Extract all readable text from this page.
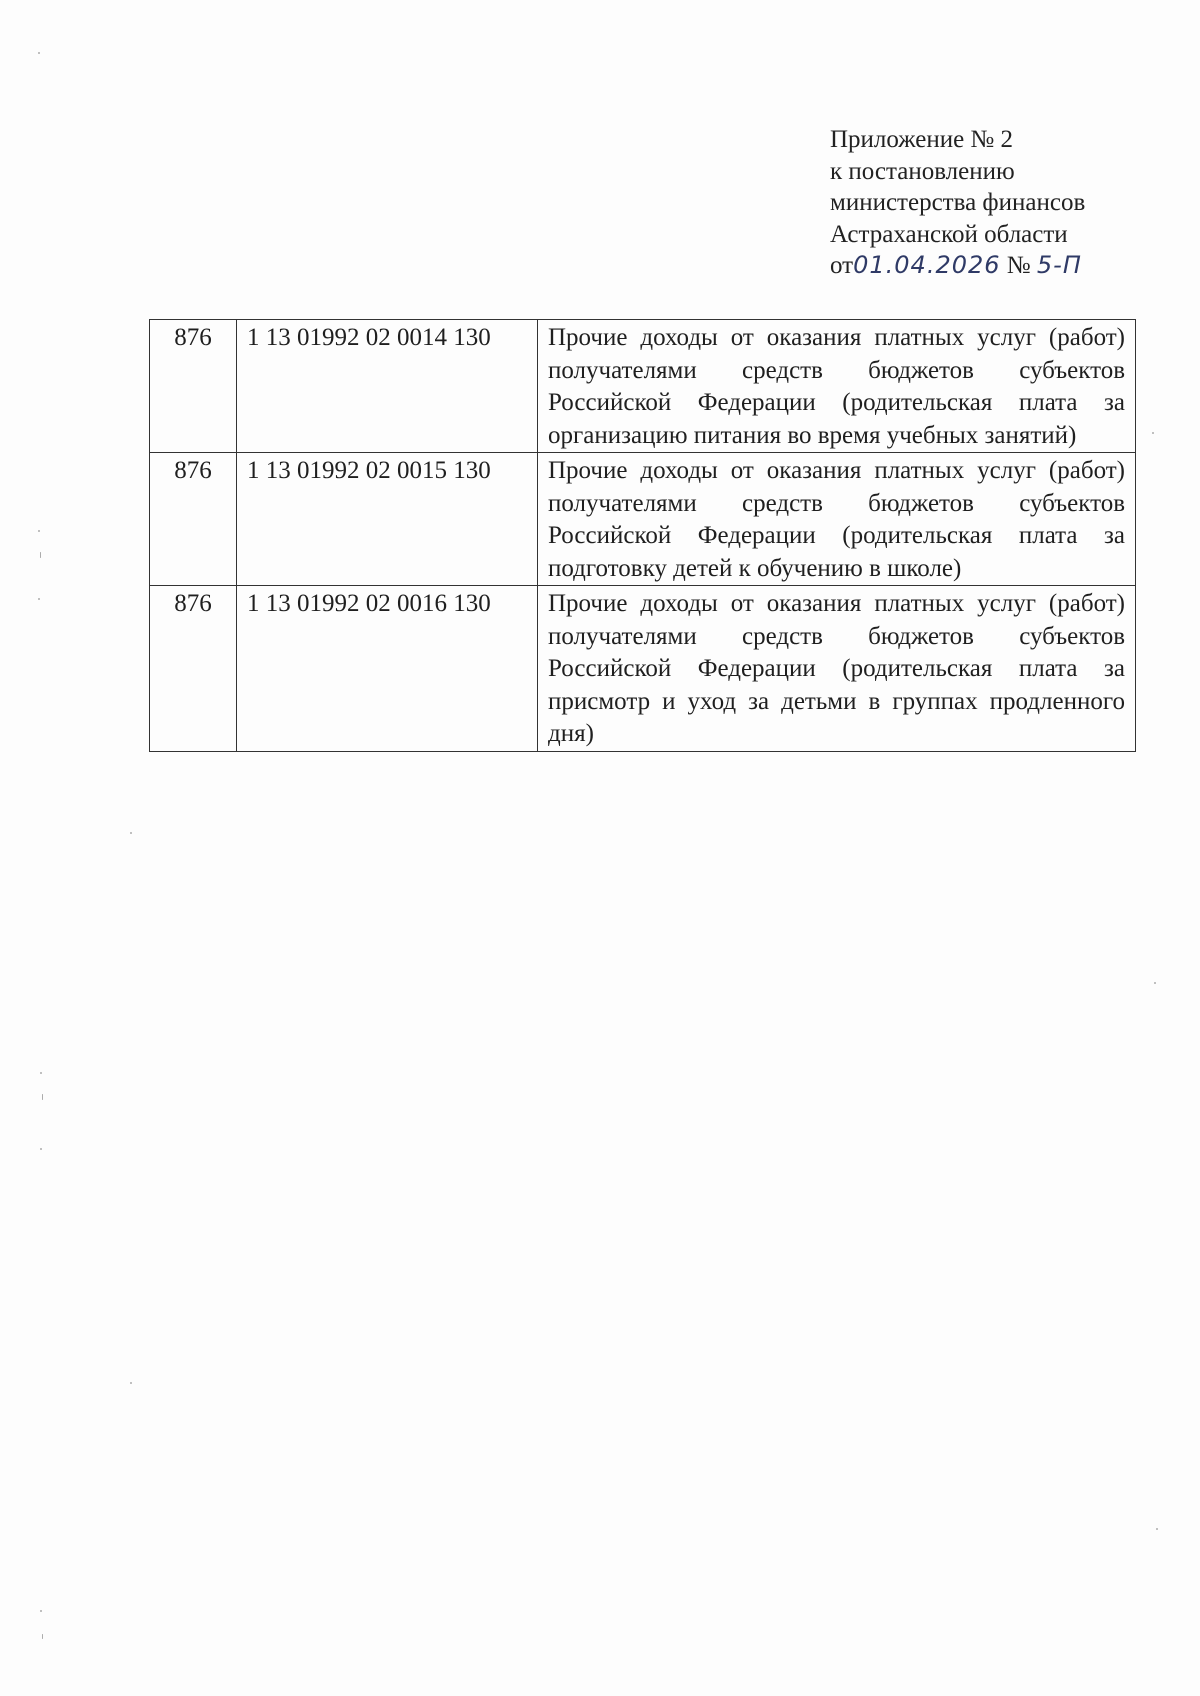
Приложение № 2
к постановлению
министерства финансов
Астраханской области
от01.04.2026 № 5-П
876	1 13 01992 02 0014 130	Прочие доходы от оказания платных услуг (работ) получателями средств бюджетов субъектов Российской Федерации (родительская плата за организацию питания во время учебных занятий)
876	1 13 01992 02 0015 130	Прочие доходы от оказания платных услуг (работ) получателями средств бюджетов субъектов Российской Федерации (родительская плата за подготовку детей к обучению в школе)
876	1 13 01992 02 0016 130	Прочие доходы от оказания платных услуг (работ) получателями средств бюджетов субъектов Российской Федерации (родительская плата за присмотр и уход за детьми в группах продленного дня)
